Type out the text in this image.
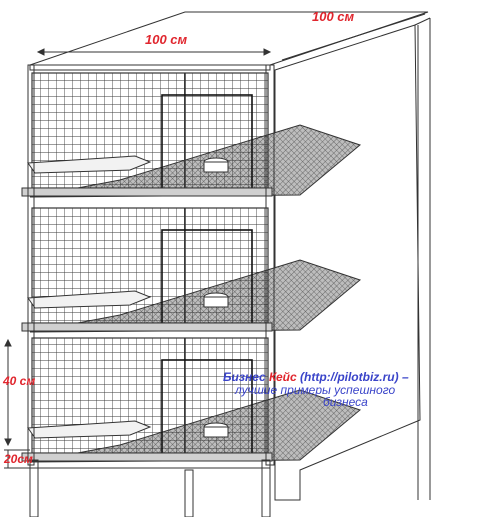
100 см
100 см
40 см
20см
Бизнес Кейс (http://pilotbiz.ru) –
лучшие примеры успешного
бизнеса
